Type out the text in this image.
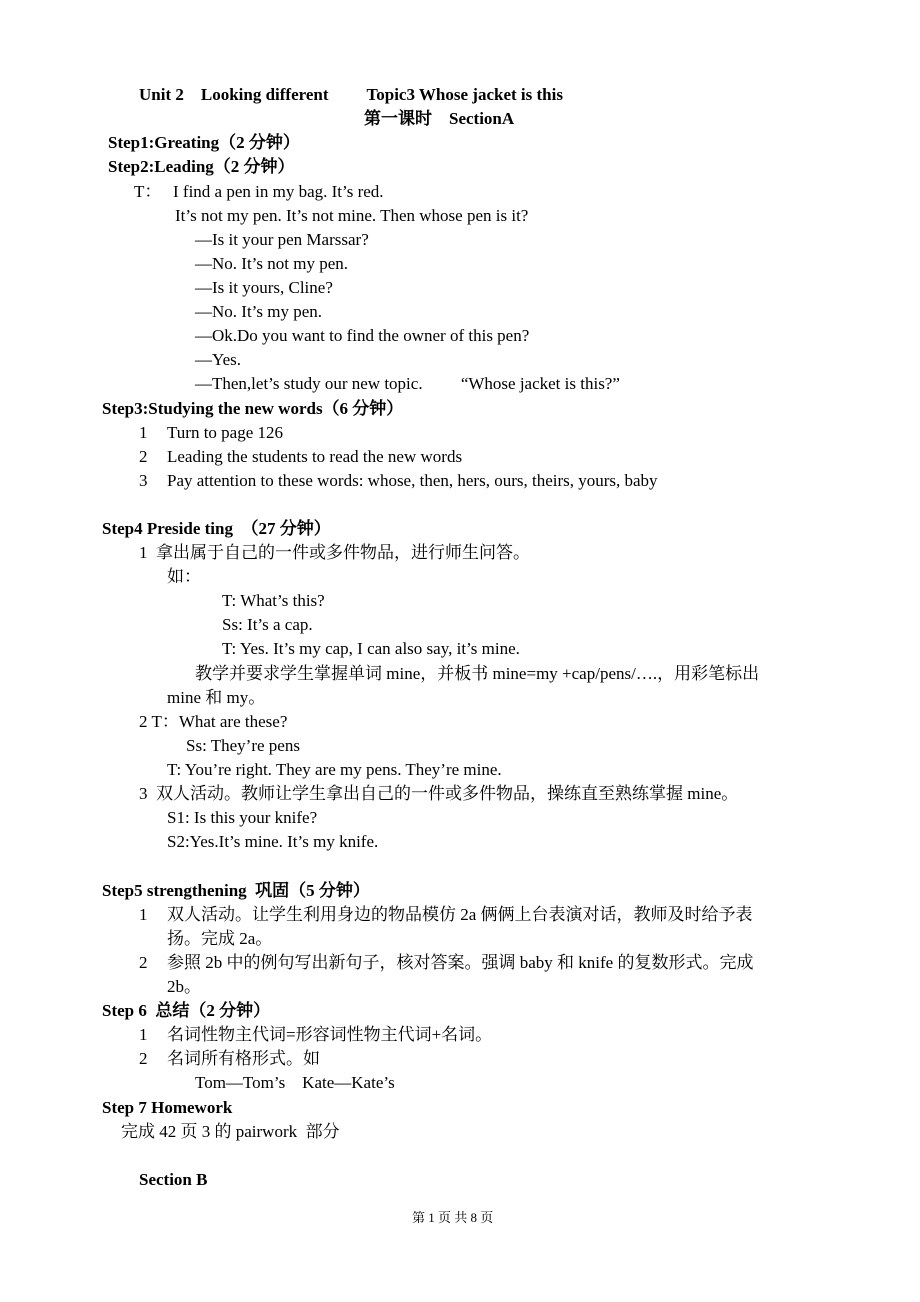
Unit 2    Looking different         Topic3 Whose jacket is this
第一课时    SectionA
Step1:Greating（2 分钟）
Step2:Leading（2 分钟）
T： I find a pen in my bag. It’s red.
It’s not my pen. It’s not mine. Then whose pen is it?
—Is it your pen Marssar?
—No. It’s not my pen.
—Is it yours, Cline?
—No. It’s my pen.
—Ok.Do you want to find the owner of this pen?
—Yes.
—Then,let’s study our new topic.         “Whose jacket is this?”
Step3:Studying the new words（6 分钟）
1 Turn to page 126
2 Leading the students to read the new words
3 Pay attention to these words: whose, then, hers, ours, theirs, yours, baby
Step4 Preside ting  （27 分钟）
1  拿出属于自己的一件或多件物品，进行师生问答。
如：
T: What’s this?
Ss: It’s a cap.
T: Yes. It’s my cap, I can also say, it’s mine.
教学并要求学生掌握单词 mine，并板书 mine=my +cap/pens/….，用彩笔标出
mine 和 my。
2 T：What are these?
Ss: They’re pens
T: You’re right. They are my pens. They’re mine.
3  双人活动。教师让学生拿出自己的一件或多件物品，操练直至熟练掌握 mine。
S1: Is this your knife?
S2:Yes.It’s mine. It’s my knife.
Step5 strengthening  巩固（5 分钟）
1 双人活动。让学生利用身边的物品模仿 2a 俩俩上台表演对话，教师及时给予表
扬。完成 2a。
2 参照 2b 中的例句写出新句子，核对答案。强调 baby 和 knife 的复数形式。完成
2b。
Step 6  总结（2 分钟）
1 名词性物主代词=形容词性物主代词+名词。
2 名词所有格形式。如
Tom—Tom’s    Kate—Kate’s
Step 7 Homework
完成 42 页 3 的 pairwork  部分
Section B
第 1 页 共 8 页
